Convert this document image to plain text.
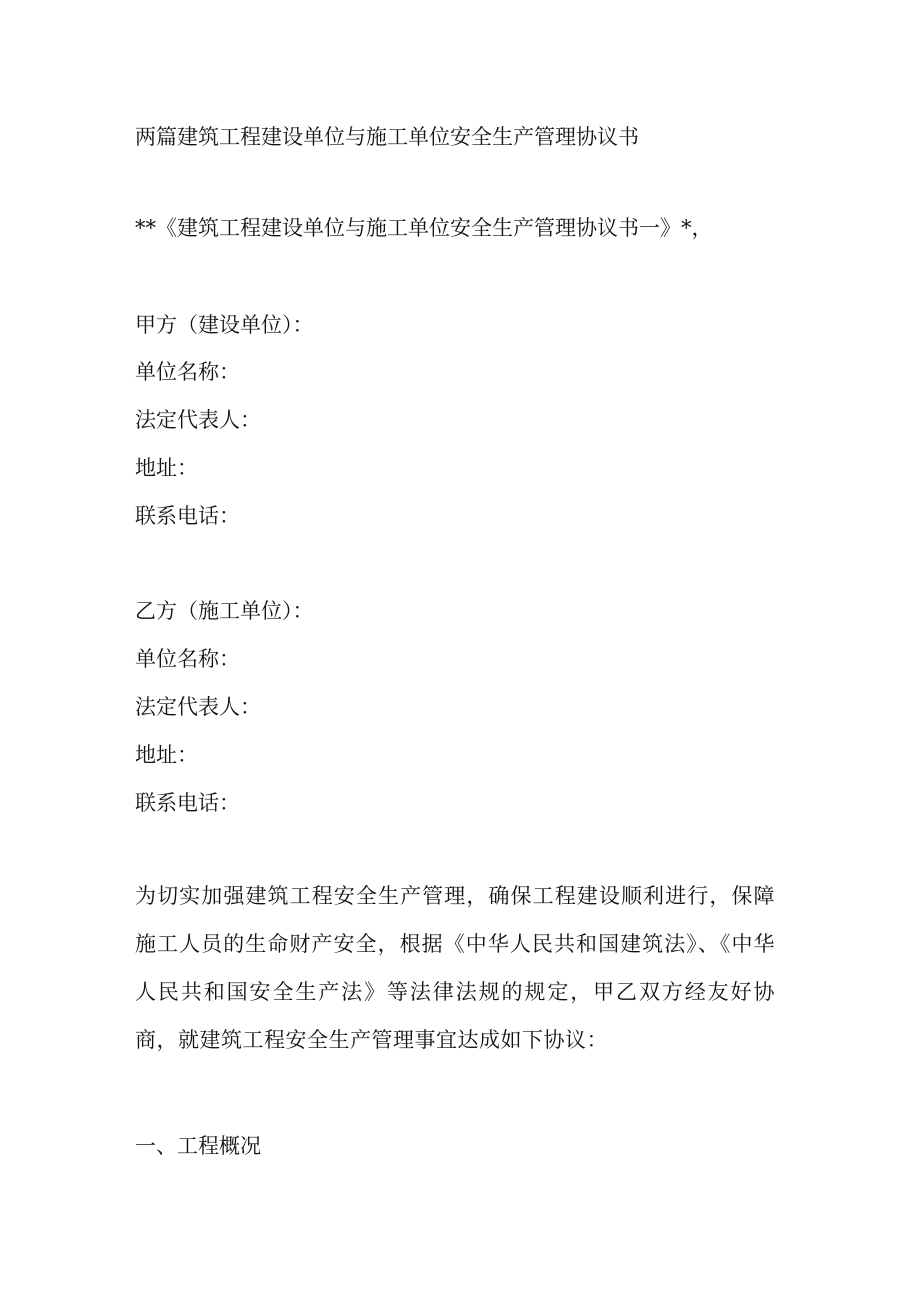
两篇建筑工程建设单位与施工单位安全生产管理协议书
**《建筑工程建设单位与施工单位安全生产管理协议书一》*，
甲方（建设单位）：
单位名称：
法定代表人：
地址：
联系电话：
乙方（施工单位）：
单位名称：
法定代表人：
地址：
联系电话：
为切实加强建筑工程安全生产管理，确保工程建设顺利进行，保障施工人员的生命财产安全，根据《中华人民共和国建筑法》、《中华人民共和国安全生产法》等法律法规的规定，甲乙双方经友好协商，就建筑工程安全生产管理事宜达成如下协议：
一、工程概况
